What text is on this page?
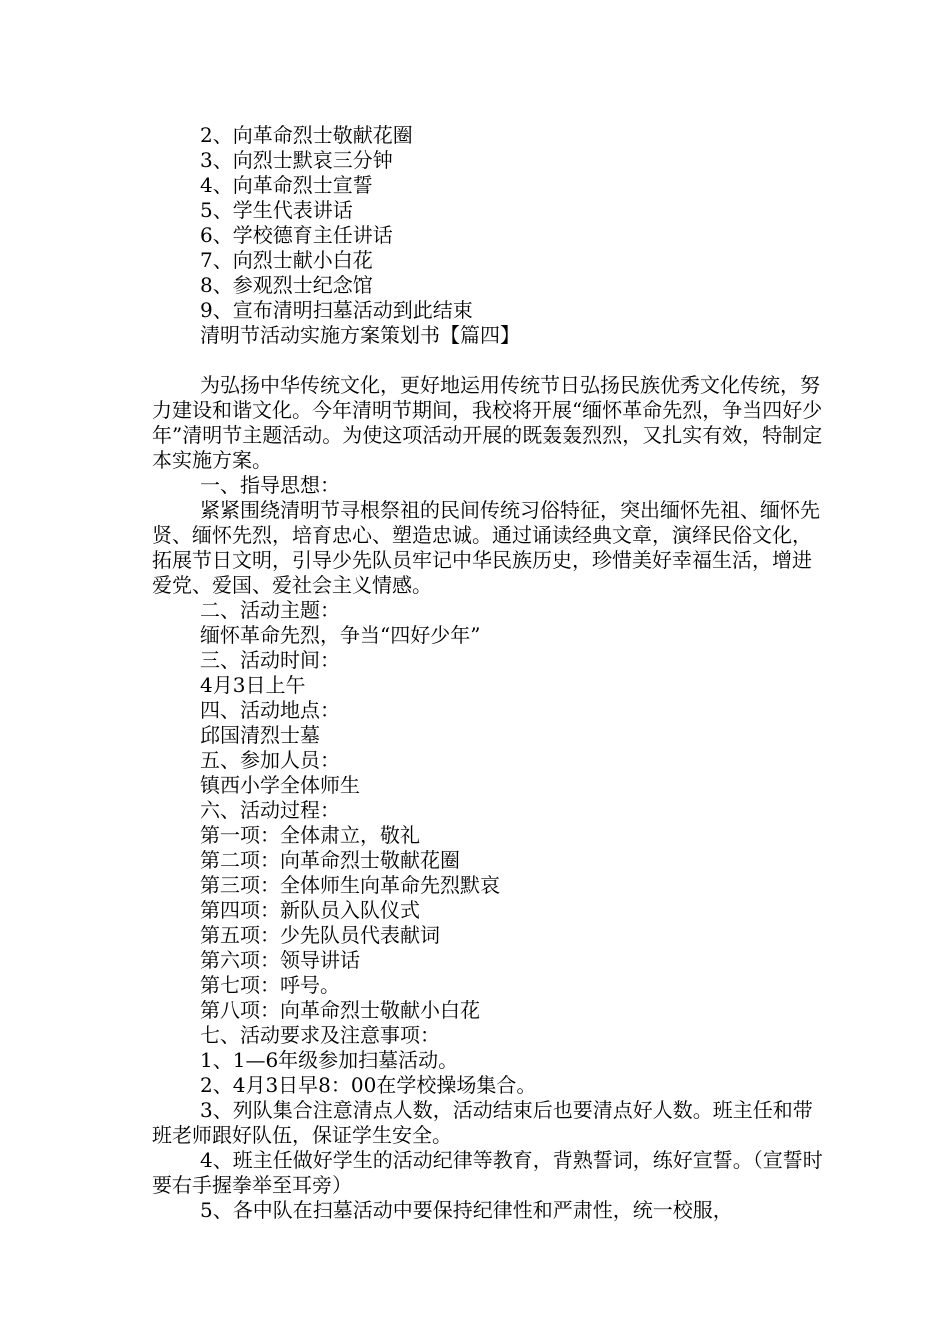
2、向革命烈士敬献花圈
3、向烈士默哀三分钟
4、向革命烈士宣誓
5、学生代表讲话
6、学校德育主任讲话
7、向烈士献小白花
8、参观烈士纪念馆
9、宣布清明扫墓活动到此结束
清明节活动实施方案策划书【篇四】
为弘扬中华传统文化，更好地运用传统节日弘扬民族优秀文化传统，努力建设和谐文化。今年清明节期间，我校将开展“缅怀革命先烈，争当四好少年”清明节主题活动。为使这项活动开展的既轰轰烈烈，又扎实有效，特制定本实施方案。
一、指导思想：
紧紧围绕清明节寻根祭祖的民间传统习俗特征，突出缅怀先祖、缅怀先贤、缅怀先烈，培育忠心、塑造忠诚。通过诵读经典文章，演绎民俗文化，拓展节日文明，引导少先队员牢记中华民族历史，珍惜美好幸福生活，增进爱党、爱国、爱社会主义情感。
二、活动主题：
缅怀革命先烈，争当“四好少年”
三、活动时间：
4月3日上午
四、活动地点：
邱国清烈士墓
五、参加人员：
镇西小学全体师生
六、活动过程：
第一项：全体肃立，敬礼
第二项：向革命烈士敬献花圈
第三项：全体师生向革命先烈默哀
第四项：新队员入队仪式
第五项：少先队员代表献词
第六项：领导讲话
第七项：呼号。
第八项：向革命烈士敬献小白花
七、活动要求及注意事项：
1、1—6年级参加扫墓活动。
2、4月3日早8：00在学校操场集合。
3、列队集合注意清点人数，活动结束后也要清点好人数。班主任和带班老师跟好队伍，保证学生安全。
4、班主任做好学生的活动纪律等教育，背熟誓词，练好宣誓。（宣誓时要右手握拳举至耳旁）
5、各中队在扫墓活动中要保持纪律性和严肃性，统一校服，
